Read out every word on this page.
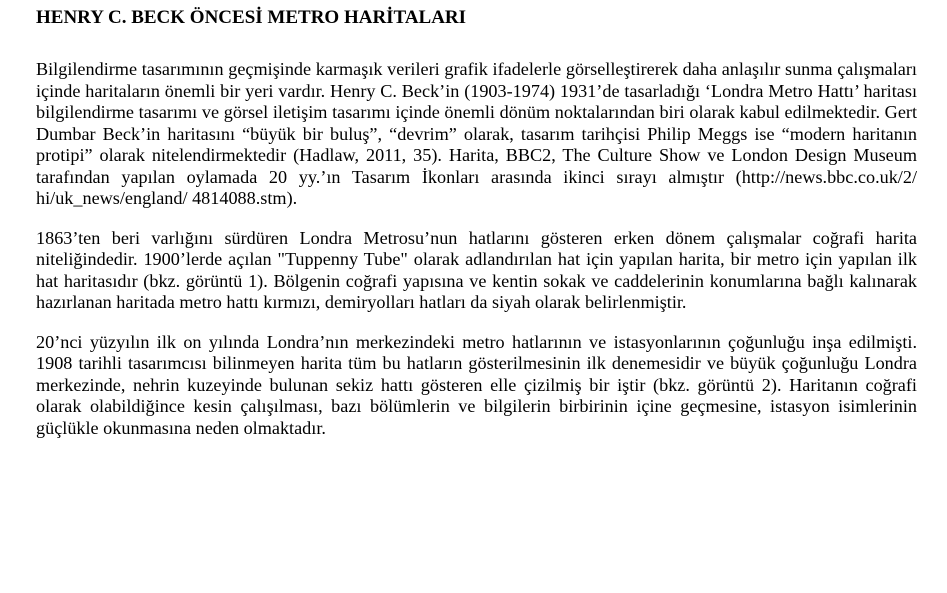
HENRY C. BECK ÖNCESİ METRO HARİTALARI

Bilgilendirme tasarımının geçmişinde karmaşık verileri grafik ifadelerle görselleştirerek daha anlaşılır sunma çalışmaları içinde haritaların önemli bir yeri vardır. Henry C. Beck’in (1903-1974) 1931’de tasarladığı ‘Londra Metro Hattı’ haritası bilgilendirme tasarımı ve görsel iletişim tasarımı içinde önemli dönüm noktalarından biri olarak kabul edilmektedir. Gert Dumbar Beck’in haritasını “büyük bir buluş”, “devrim” olarak, tasarım tarihçisi Philip Meggs ise “modern haritanın protipi” olarak nitelendirmektedir (Hadlaw, 2011, 35). Harita, BBC2, The Culture Show ve London Design Museum tarafından yapılan oylamada 20 yy.’ın Tasarım İkonları arasında ikinci sırayı almıştır (http://news.bbc.co.uk/2/ hi/uk_news/england/ 4814088.stm).

1863’ten beri varlığını sürdüren Londra Metrosu’nun hatlarını gösteren erken dönem çalışmalar coğrafi harita niteliğindedir. 1900’lerde açılan "Tuppenny Tube" olarak adlandırılan hat için yapılan harita, bir metro için yapılan ilk hat haritasıdır (bkz. görüntü 1). Bölgenin coğrafi yapısına ve kentin sokak ve caddelerinin konumlarına bağlı kalınarak hazırlanan haritada metro hattı kırmızı, demiryolları hatları da siyah olarak belirlenmiştir.

20’nci yüzyılın ilk on yılında Londra’nın merkezindeki metro hatlarının ve istasyonlarının çoğunluğu inşa edilmişti. 1908 tarihli tasarımcısı bilinmeyen harita tüm bu hatların gösterilmesinin ilk denemesidir ve büyük çoğunluğu Londra merkezinde, nehrin kuzeyinde bulunan sekiz hattı gösteren elle çizilmiş bir iştir (bkz. görüntü 2). Haritanın coğrafi olarak olabildiğince kesin çalışılması, bazı bölümlerin ve bilgilerin birbirinin içine geçmesine, istasyon isimlerinin güçlükle okunmasına neden olmaktadır.
